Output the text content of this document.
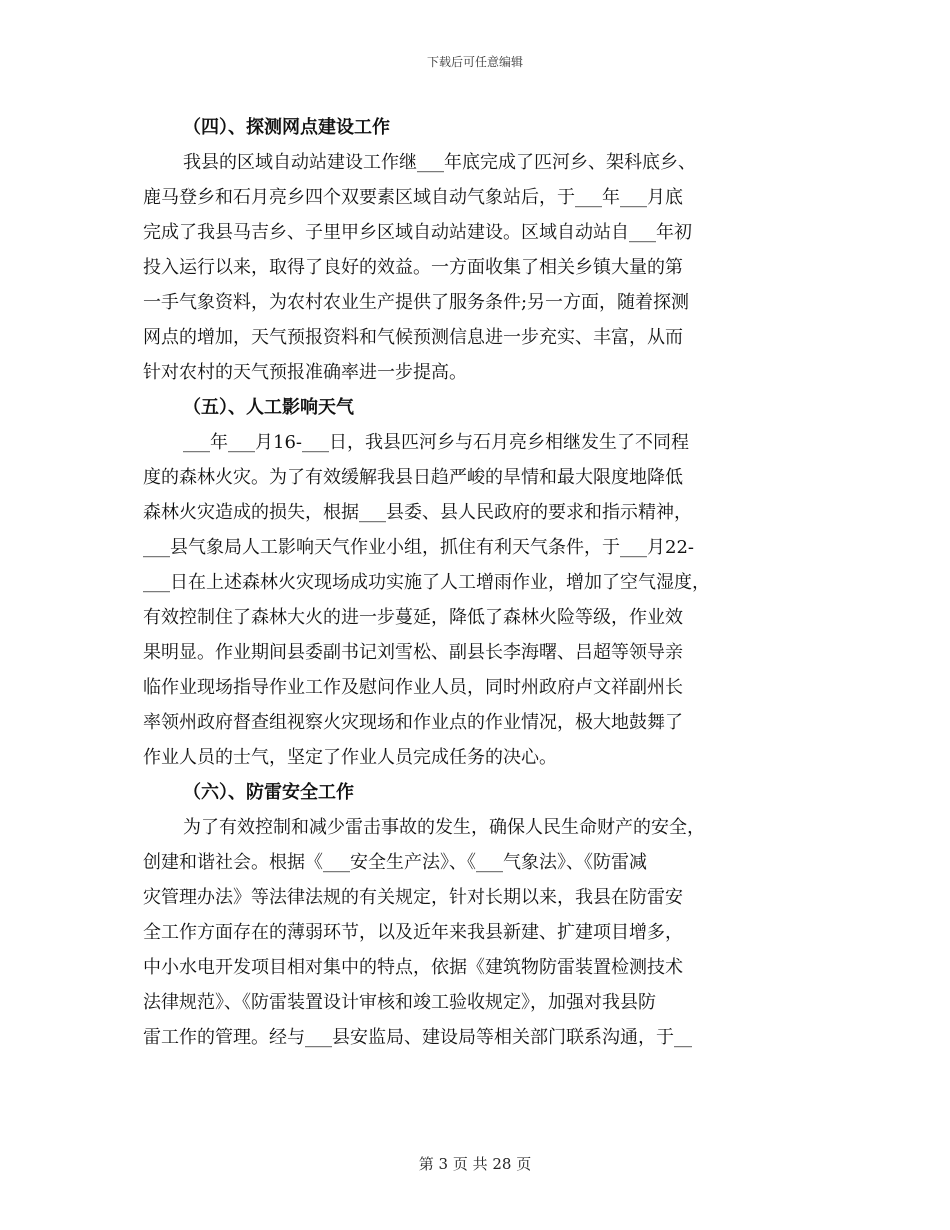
下载后可任意编辑
（四）、探测网点建设工作
我县的区域自动站建设工作继___年底完成了匹河乡、架科底乡、
鹿马登乡和石月亮乡四个双要素区域自动气象站后，于___年___月底
完成了我县马吉乡、子里甲乡区域自动站建设。区域自动站自___年初
投入运行以来，取得了良好的效益。一方面收集了相关乡镇大量的第
一手气象资料，为农村农业生产提供了服务条件;另一方面，随着探测
网点的增加，天气预报资料和气候预测信息进一步充实、丰富，从而
针对农村的天气预报准确率进一步提高。
（五）、人工影响天气
___年___月16-___日，我县匹河乡与石月亮乡相继发生了不同程
度的森林火灾。为了有效缓解我县日趋严峻的旱情和最大限度地降低
森林火灾造成的损失，根据___县委、县人民政府的要求和指示精神，
___县气象局人工影响天气作业小组，抓住有利天气条件，于___月22-
___日在上述森林火灾现场成功实施了人工增雨作业，增加了空气湿度，
有效控制住了森林大火的进一步蔓延，降低了森林火险等级，作业效
果明显。作业期间县委副书记刘雪松、副县长李海曙、吕超等领导亲
临作业现场指导作业工作及慰问作业人员，同时州政府卢文祥副州长
率领州政府督查组视察火灾现场和作业点的作业情况，极大地鼓舞了
作业人员的士气，坚定了作业人员完成任务的决心。
（六）、防雷安全工作
为了有效控制和减少雷击事故的发生，确保人民生命财产的安全，
创建和谐社会。根据《___安全生产法》、《___气象法》、《防雷减
灾管理办法》等法律法规的有关规定，针对长期以来，我县在防雷安
全工作方面存在的薄弱环节，以及近年来我县新建、扩建项目增多，
中小水电开发项目相对集中的特点，依据《建筑物防雷装置检测技术
法律规范》、《防雷装置设计审核和竣工验收规定》，加强对我县防
雷工作的管理。经与___县安监局、建设局等相关部门联系沟通，于__
第 3 页 共 28 页
